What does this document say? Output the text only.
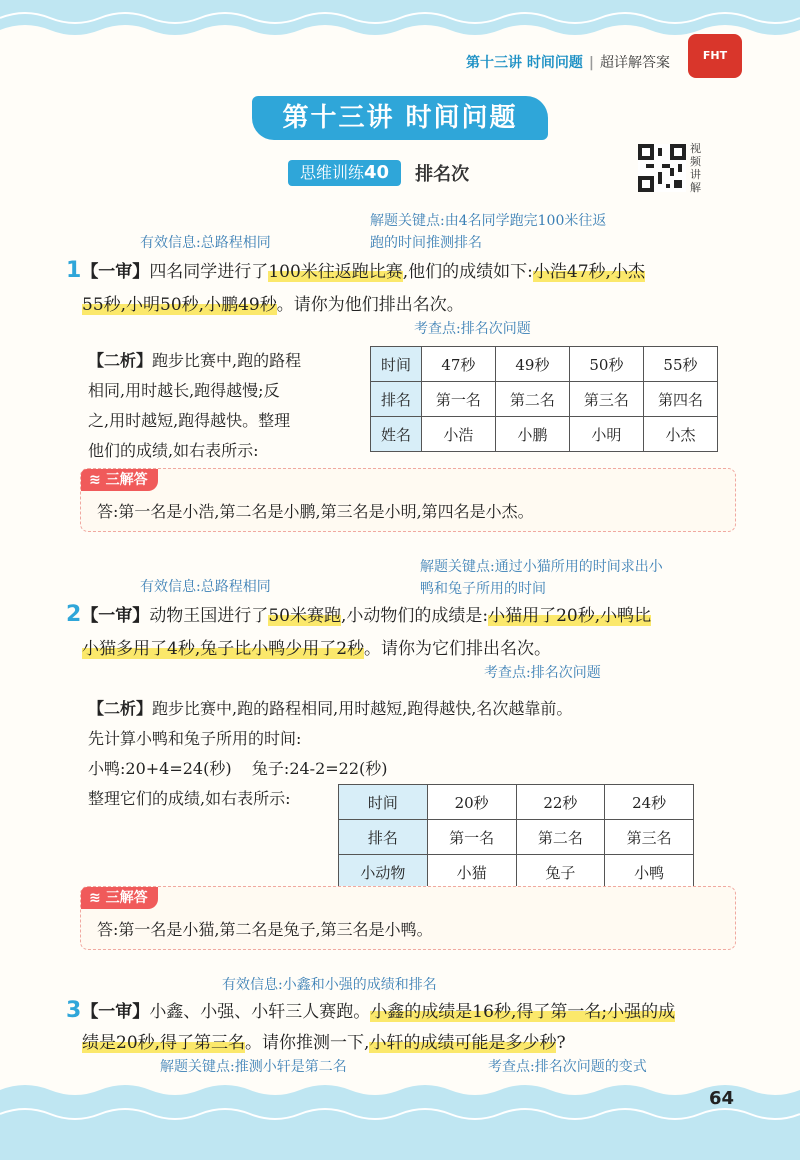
第十三讲 时间问题 | 超详解答案	FHT
第十三讲 时间问题
思维训练40	排名次
视频讲解
有效信息:总路程相同
解题关键点:由4名同学跑完100米往返
跑的时间推测排名
1【一审】四名同学进行了100米往返跑比赛,他们的成绩如下:小浩47秒,小杰
55秒,小明50秒,小鹏49秒。请你为他们排出名次。
考查点:排名次问题
【二析】跑步比赛中,跑的路程
相同,用时越长,跑得越慢;反
之,用时越短,跑得越快。整理
他们的成绩,如右表所示:
时间	47秒	49秒	50秒	55秒
排名	第一名	第二名	第三名	第四名
姓名	小浩	小鹏	小明	小杰
≋ 三解答
答:第一名是小浩,第二名是小鹏,第三名是小明,第四名是小杰。
有效信息:总路程相同
解题关键点:通过小猫所用的时间求出小
鸭和兔子所用的时间
2【一审】动物王国进行了50米赛跑,小动物们的成绩是:小猫用了20秒,小鸭比
小猫多用了4秒,兔子比小鸭少用了2秒。请你为它们排出名次。
考查点:排名次问题
【二析】跑步比赛中,跑的路程相同,用时越短,跑得越快,名次越靠前。
先计算小鸭和兔子所用的时间:
小鸭:20+4=24(秒)    兔子:24-2=22(秒)
整理它们的成绩,如右表所示:	时间	20秒	22秒	24秒
排名	第一名	第二名	第三名
小动物	小猫	兔子	小鸭
≋ 三解答
答:第一名是小猫,第二名是兔子,第三名是小鸭。
有效信息:小鑫和小强的成绩和排名
3【一审】小鑫、小强、小轩三人赛跑。小鑫的成绩是16秒,得了第一名;小强的成
绩是20秒,得了第三名。请你推测一下,小轩的成绩可能是多少秒?
解题关键点:推测小轩是第二名	考查点:排名次问题的变式
64
